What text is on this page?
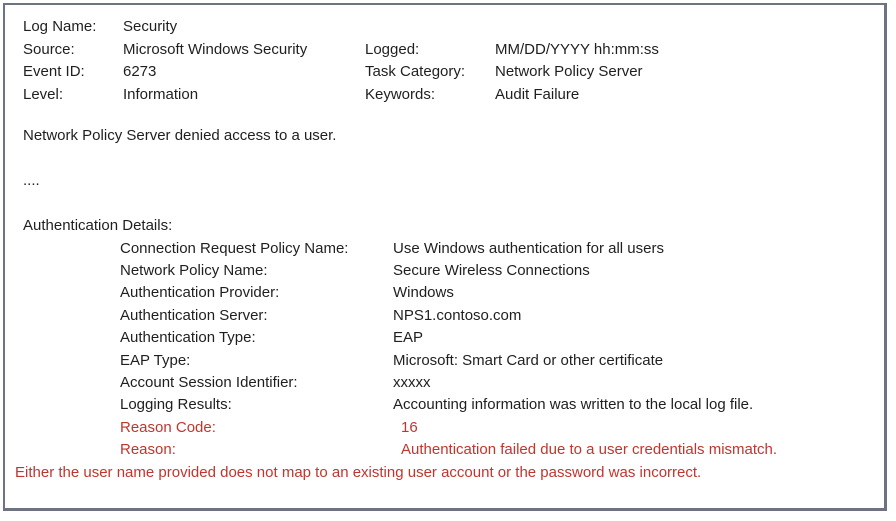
Log Name:	Security
Source:	Microsoft Windows Security	Logged:	MM/DD/YYYY hh:mm:ss
Event ID:	6273	Task Category:	Network Policy Server
Level:	Information	Keywords:	Audit Failure
Network Policy Server denied access to a user.
....
Authentication Details:
Connection Request Policy Name:	Use Windows authentication for all users
Network Policy Name:	Secure Wireless Connections
Authentication Provider:	Windows
Authentication Server:	NPS1.contoso.com
Authentication Type:	EAP
EAP Type:	Microsoft: Smart Card or other certificate
Account Session Identifier:	xxxxx
Logging Results:	Accounting information was written to the local log file.
Reason Code:	16
Reason:	Authentication failed due to a user credentials mismatch.
Either the user name provided does not map to an existing user account or the password was incorrect.
